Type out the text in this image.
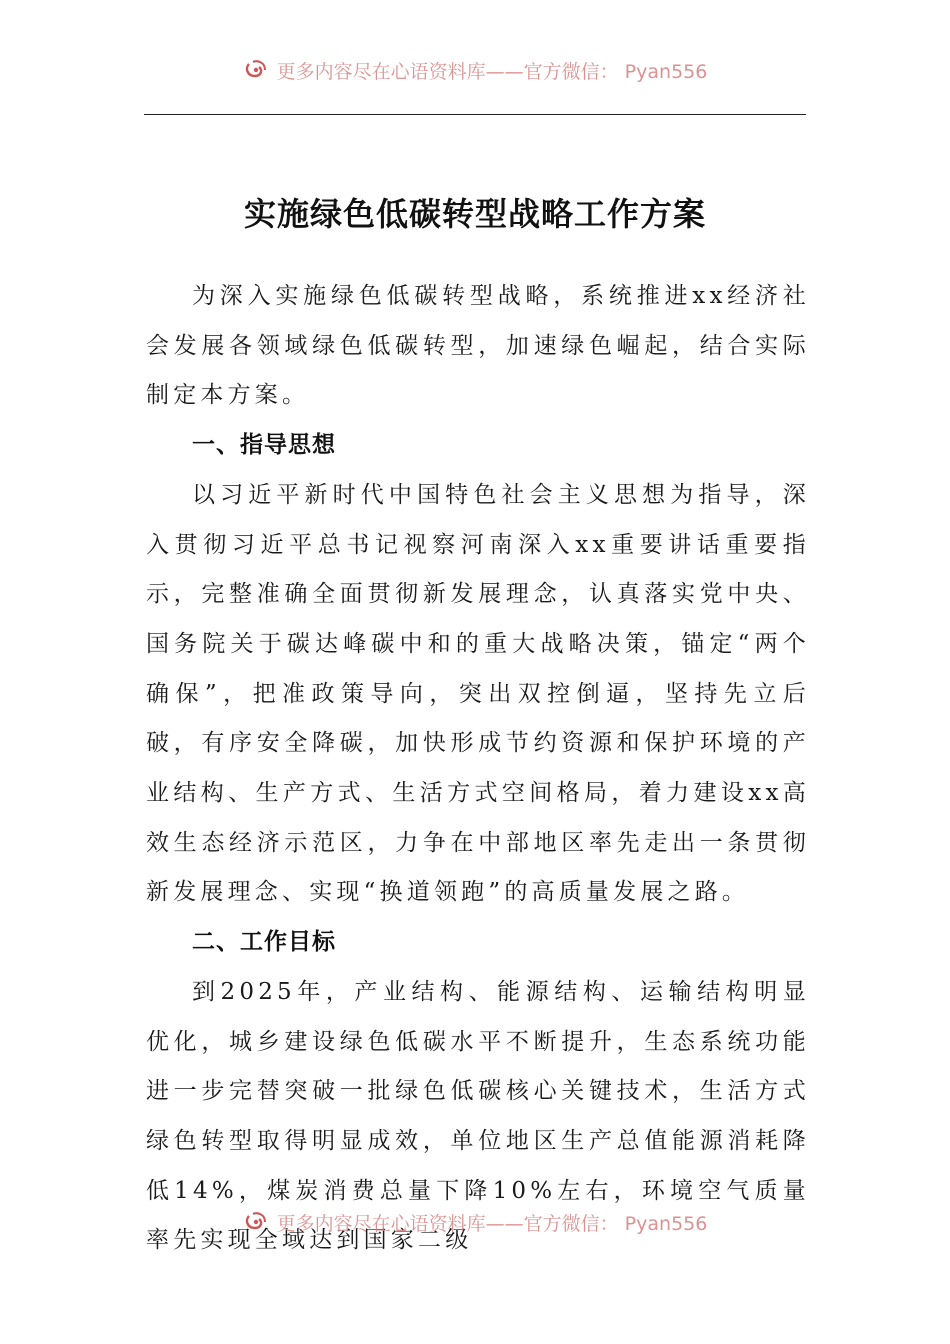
更多内容尽在心语资料库——官方微信： Pyan556
实施绿色低碳转型战略工作方案

为深入实施绿色低碳转型战略，系统推进xx经济社会发展各领域绿色低碳转型，加速绿色崛起，结合实际制定本方案。

一、指导思想

以习近平新时代中国特色社会主义思想为指导，深入贯彻习近平总书记视察河南深入xx重要讲话重要指示，完整准确全面贯彻新发展理念，认真落实党中央、国务院关于碳达峰碳中和的重大战略决策，锚定“两个确保”，把准政策导向，突出双控倒逼，坚持先立后破，有序安全降碳，加快形成节约资源和保护环境的产业结构、生产方式、生活方式空间格局，着力建设xx高效生态经济示范区，力争在中部地区率先走出一条贯彻新发展理念、实现“换道领跑”的高质量发展之路。

二、工作目标

到2025年，产业结构、能源结构、运输结构明显优化，城乡建设绿色低碳水平不断提升，生态系统功能进一步完替突破一批绿色低碳核心关键技术，生活方式绿色转型取得明显成效，单位地区生产总值能源消耗降低14%，煤炭消费总量下降10%左右，环境空气质量率先实现全域达到国家二级

更多内容尽在心语资料库——官方微信： Pyan556
